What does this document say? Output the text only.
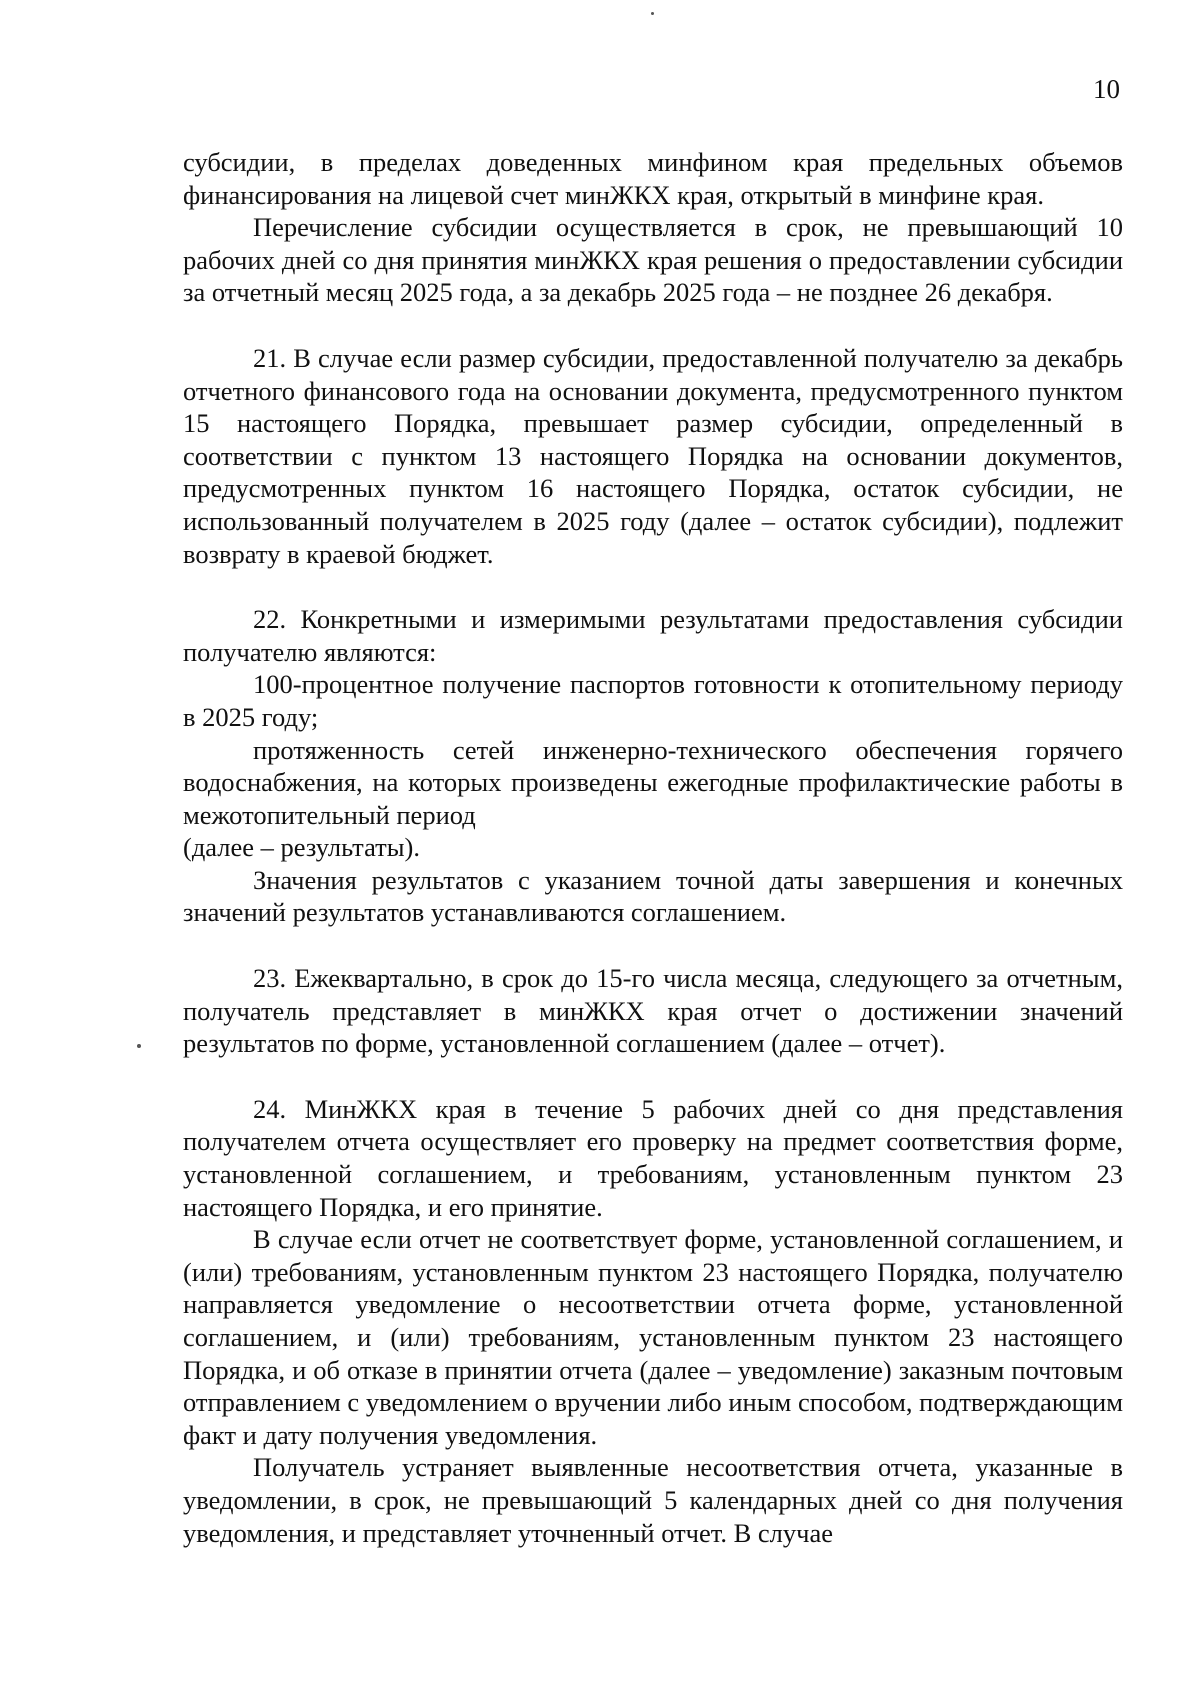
10

субсидии, в пределах доведенных минфином края предельных объемов финансирования на лицевой счет минЖКХ края, открытый в минфине края.

Перечисление субсидии осуществляется в срок, не превышающий 10 рабочих дней со дня принятия минЖКХ края решения о предоставлении субсидии за отчетный месяц 2025 года, а за декабрь 2025 года – не позднее 26 декабря.

21. В случае если размер субсидии, предоставленной получателю за декабрь отчетного финансового года на основании документа, предусмотренного пунктом 15 настоящего Порядка, превышает размер субсидии, определенный в соответствии с пунктом 13 настоящего Порядка на основании документов, предусмотренных пунктом 16 настоящего Порядка, остаток субсидии, не использованный получателем в 2025 году (далее – остаток субсидии), подлежит возврату в краевой бюджет.

22. Конкретными и измеримыми результатами предоставления субсидии получателю являются:

100-процентное получение паспортов готовности к отопительному периоду в 2025 году;

протяженность сетей инженерно-технического обеспечения горячего водоснабжения, на которых произведены ежегодные профилактические работы в межотопительный период

(далее – результаты).

Значения результатов с указанием точной даты завершения и конечных значений результатов устанавливаются соглашением.

23. Ежеквартально, в срок до 15-го числа месяца, следующего за отчетным, получатель представляет в минЖКХ края отчет о достижении значений результатов по форме, установленной соглашением (далее – отчет).

24. МинЖКХ края в течение 5 рабочих дней со дня представления получателем отчета осуществляет его проверку на предмет соответствия форме, установленной соглашением, и требованиям, установленным пунктом 23 настоящего Порядка, и его принятие.

В случае если отчет не соответствует форме, установленной соглашением, и (или) требованиям, установленным пунктом 23 настоящего Порядка, получателю направляется уведомление о несоответствии отчета форме, установленной соглашением, и (или) требованиям, установленным пунктом 23 настоящего Порядка, и об отказе в принятии отчета (далее – уведомление) заказным почтовым отправлением с уведомлением о вручении либо иным способом, подтверждающим факт и дату получения уведомления.

Получатель устраняет выявленные несоответствия отчета, указанные в уведомлении, в срок, не превышающий 5 календарных дней со дня получения уведомления, и представляет уточненный отчет. В случае
